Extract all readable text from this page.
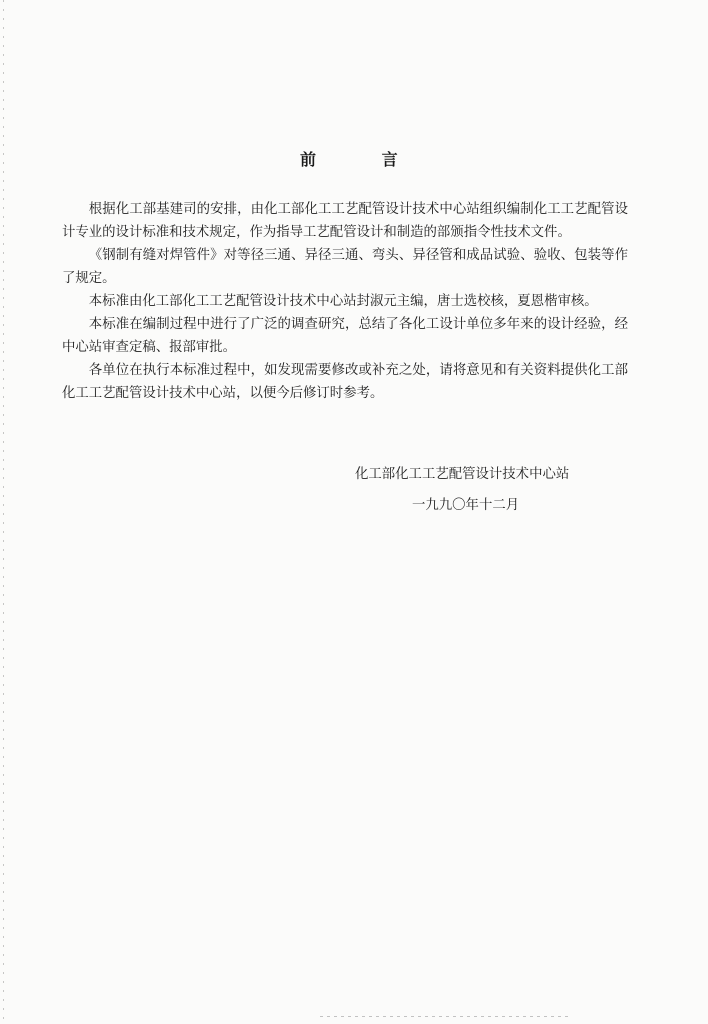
前 言

根据化工部基建司的安排，由化工部化工工艺配管设计技术中心站组织编制化工工艺配管设计专业的设计标准和技术规定，作为指导工艺配管设计和制造的部颁指令性技术文件。

《钢制有缝对焊管件》对等径三通、异径三通、弯头、异径管和成品试验、验收、包装等作了规定。

本标准由化工部化工工艺配管设计技术中心站封淑元主编，唐士选校核，夏恩楷审核。

本标准在编制过程中进行了广泛的调查研究，总结了各化工设计单位多年来的设计经验，经中心站审查定稿、报部审批。

各单位在执行本标准过程中，如发现需要修改或补充之处，请将意见和有关资料提供化工部化工工艺配管设计技术中心站，以便今后修订时参考。

化工部化工工艺配管设计技术中心站
一九九〇年十二月
